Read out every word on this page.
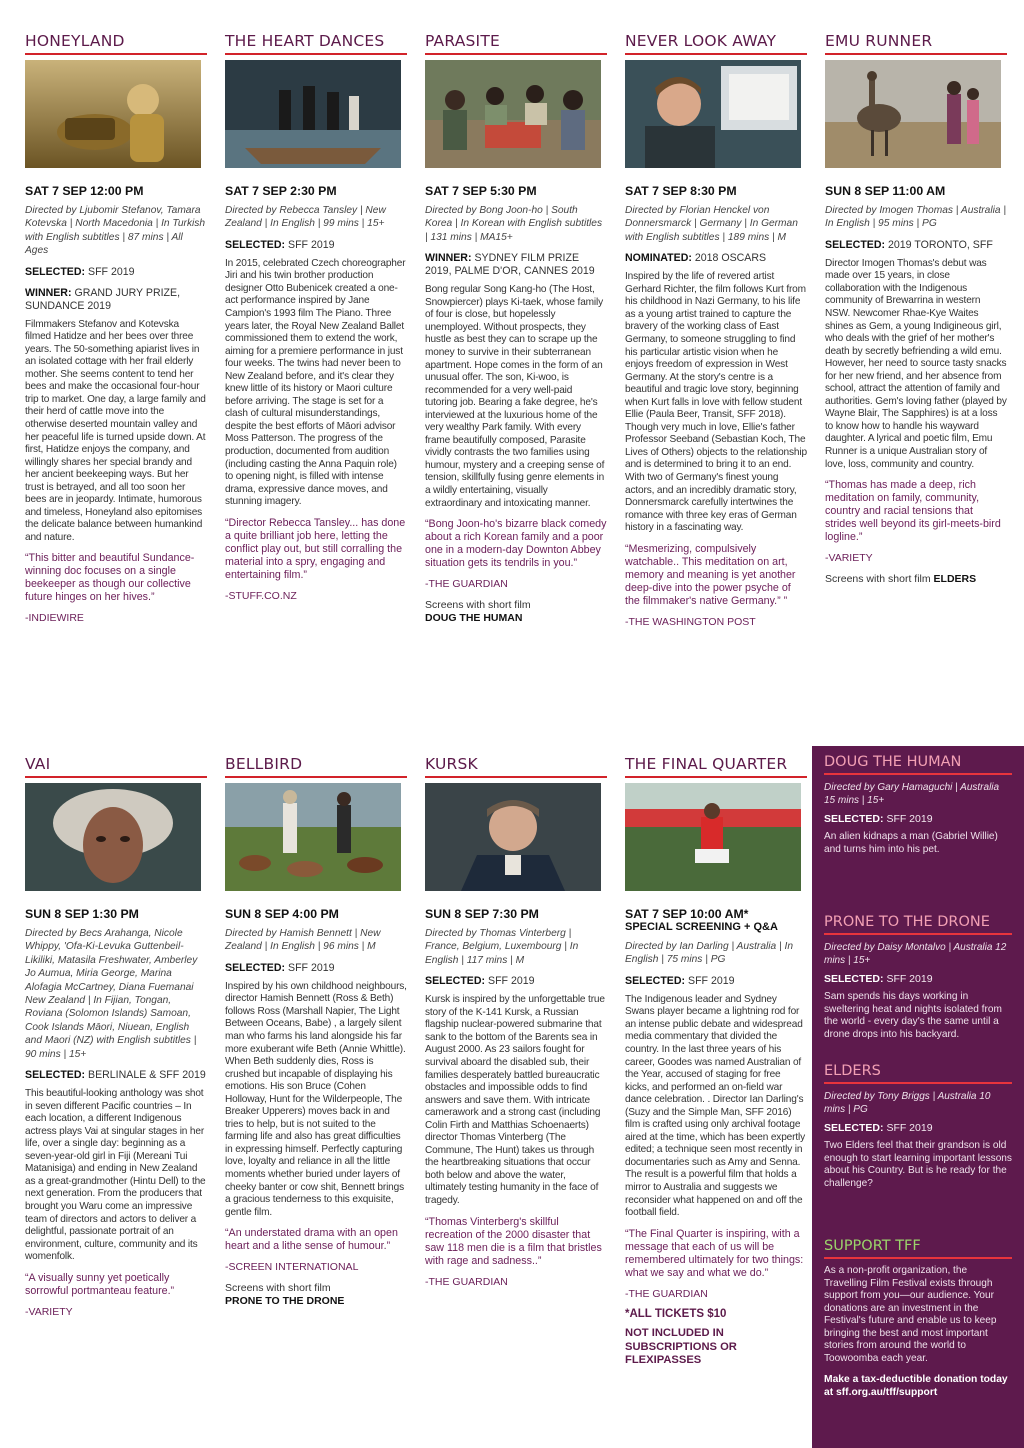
HONEYLAND
SAT 7 SEP 12:00 PM
Directed by Ljubomir Stefanov, Tamara Kotevska | North Macedonia | In Turkish with English subtitles | 87 mins | All Ages
SELECTED: SFF 2019
WINNER: GRAND JURY PRIZE, SUNDANCE 2019
Filmmakers Stefanov and Kotevska filmed Hatidze and her bees over three years. The 50-something apiarist lives in an isolated cottage with her frail elderly mother. She seems content to tend her bees and make the occasional four-hour trip to market. One day, a large family and their herd of cattle move into the otherwise deserted mountain valley and her peaceful life is turned upside down. At first, Hatidze enjoys the company, and willingly shares her special brandy and her ancient beekeeping ways. But her trust is betrayed, and all too soon her bees are in jeopardy. Intimate, humorous and timeless, Honeyland also epitomises the delicate balance between humankind and nature.
“This bitter and beautiful Sundance-winning doc focuses on a single beekeeper as though our collective future hinges on her hives.”
-INDIEWIRE
THE HEART DANCES
SAT 7 SEP 2:30 PM
Directed by Rebecca Tansley | New Zealand | In English | 99 mins | 15+
SELECTED: SFF 2019
In 2015, celebrated Czech choreographer Jiri and his twin brother production designer Otto Bubenicek created a one-act performance inspired by Jane Campion's 1993 film The Piano. Three years later, the Royal New Zealand Ballet commissioned them to extend the work, aiming for a premiere performance in just four weeks. The twins had never been to New Zealand before, and it's clear they knew little of its history or Maori culture before arriving. The stage is set for a clash of cultural misunderstandings, despite the best efforts of Māori advisor Moss Patterson. The progress of the production, documented from audition (including casting the Anna Paquin role) to opening night, is filled with intense drama, expressive dance moves, and stunning imagery.
“Director Rebecca Tansley... has done a quite brilliant job here, letting the conflict play out, but still corralling the material into a spry, engaging and entertaining film.”
-STUFF.CO.NZ
PARASITE
SAT 7 SEP 5:30 PM
Directed by Bong Joon-ho | South Korea | In Korean with English subtitles | 131 mins | MA15+
WINNER: SYDNEY FILM PRIZE 2019, PALME D'OR, CANNES 2019
Bong regular Song Kang-ho (The Host, Snowpiercer) plays Ki-taek, whose family of four is close, but hopelessly unemployed. Without prospects, they hustle as best they can to scrape up the money to survive in their subterranean apartment. Hope comes in the form of an unusual offer. The son, Ki-woo, is recommended for a very well-paid tutoring job. Bearing a fake degree, he's interviewed at the luxurious home of the very wealthy Park family. With every frame beautifully composed, Parasite vividly contrasts the two families using humour, mystery and a creeping sense of tension, skillfully fusing genre elements in a wildly entertaining, visually extraordinary and intoxicating manner.
“Bong Joon-ho's bizarre black comedy about a rich Korean family and a poor one in a modern-day Downton Abbey situation gets its tendrils in you.”
-THE GUARDIAN
Screens with short film
DOUG THE HUMAN
NEVER LOOK AWAY
SAT 7 SEP 8:30 PM
Directed by Florian Henckel von Donnersmarck | Germany | In German with English subtitles | 189 mins | M
NOMINATED: 2018 OSCARS
Inspired by the life of revered artist Gerhard Richter, the film follows Kurt from his childhood in Nazi Germany, to his life as a young artist trained to capture the bravery of the working class of East Germany, to someone struggling to find his particular artistic vision when he enjoys freedom of expression in West Germany. At the story's centre is a beautiful and tragic love story, beginning when Kurt falls in love with fellow student Ellie (Paula Beer, Transit, SFF 2018). Though very much in love, Ellie's father Professor Seeband (Sebastian Koch, The Lives of Others) objects to the relationship and is determined to bring it to an end. With two of Germany's finest young actors, and an incredibly dramatic story, Donnersmarck carefully intertwines the romance with three key eras of German history in a fascinating way.
“Mesmerizing, compulsively watchable.. This meditation on art, memory and meaning is yet another deep-dive into the power psyche of the filmmaker's native Germany.” ”
-THE WASHINGTON POST
EMU RUNNER
SUN 8 SEP 11:00 AM
Directed by Imogen Thomas | Australia | In English | 95 mins | PG
SELECTED: 2019 TORONTO, SFF
Director Imogen Thomas's debut was made over 15 years, in close collaboration with the Indigenous community of Brewarrina in western NSW. Newcomer Rhae-Kye Waites shines as Gem, a young Indigineous girl, who deals with the grief of her mother's death by secretly befriending a wild emu. However, her need to source tasty snacks for her new friend, and her absence from school, attract the attention of family and authorities. Gem's loving father (played by Wayne Blair, The Sapphires) is at a loss to know how to handle his wayward daughter. A lyrical and poetic film, Emu Runner is a unique Australian story of love, loss, community and country.
“Thomas has made a deep, rich meditation on family, community, country and racial tensions that strides well beyond its girl-meets-bird logline.”
-VARIETY
Screens with short film ELDERS
VAI
SUN 8 SEP 1:30 PM
Directed by Becs Arahanga, Nicole Whippy, 'Ofa-Ki-Levuka Guttenbeil-Likiliki, Matasila Freshwater, Amberley Jo Aumua, Miria George, Marina Alofagia McCartney, Diana Fuemanai New Zealand | In Fijian, Tongan, Roviana (Solomon Islands) Samoan, Cook Islands Māori, Niuean, English and Maori (NZ) with English subtitles | 90 mins | 15+
SELECTED: BERLINALE & SFF 2019
This beautiful-looking anthology was shot in seven different Pacific countries – In each location, a different Indigenous actress plays Vai at singular stages in her life, over a single day: beginning as a seven-year-old girl in Fiji (Mereani Tui Matanisiga) and ending in New Zealand as a great-grandmother (Hintu Dell) to the next generation. From the producers that brought you Waru come an impressive team of directors and actors to deliver a delightful, passionate portrait of an environment, culture, community and its womenfolk.
“A visually sunny yet poetically sorrowful portmanteau feature.”
-VARIETY
BELLBIRD
SUN 8 SEP 4:00 PM
Directed by Hamish Bennett | New Zealand | In English | 96 mins | M
SELECTED: SFF 2019
Inspired by his own childhood neighbours, director Hamish Bennett (Ross & Beth) follows Ross (Marshall Napier, The Light Between Oceans, Babe) , a largely silent man who farms his land alongside his far more exuberant wife Beth (Annie Whittle). When Beth suddenly dies, Ross is crushed but incapable of displaying his emotions. His son Bruce (Cohen Holloway, Hunt for the Wilderpeople, The Breaker Upperers) moves back in and tries to help, but is not suited to the farming life and also has great difficulties in expressing himself. Perfectly capturing love, loyalty and reliance in all the little moments whether buried under layers of cheeky banter or cow shit, Bennett brings a gracious tenderness to this exquisite, gentle film.
“An understated drama with an open heart and a lithe sense of humour.”
-SCREEN INTERNATIONAL
Screens with short film
PRONE TO THE DRONE
KURSK
SUN 8 SEP 7:30 PM
Directed by Thomas Vinterberg | France, Belgium, Luxembourg | In English | 117 mins | M
SELECTED: SFF 2019
Kursk is inspired by the unforgettable true story of the K-141 Kursk, a Russian flagship nuclear-powered submarine that sank to the bottom of the Barents sea in August 2000. As 23 sailors fought for survival aboard the disabled sub, their families desperately battled bureaucratic obstacles and impossible odds to find answers and save them. With intricate camerawork and a strong cast (including Colin Firth and Matthias Schoenaerts) director Thomas Vinterberg (The Commune, The Hunt) takes us through the heartbreaking situations that occur both below and above the water, ultimately testing humanity in the face of tragedy.
“Thomas Vinterberg's skillful recreation of the 2000 disaster that saw 118 men die is a film that bristles with rage and sadness..”
-THE GUARDIAN
THE FINAL QUARTER
SAT 7 SEP 10:00 AM*
SPECIAL SCREENING + Q&A
Directed by Ian Darling | Australia | In English | 75 mins | PG
SELECTED: SFF 2019
The Indigenous leader and Sydney Swans player became a lightning rod for an intense public debate and widespread media commentary that divided the country. In the last three years of his career, Goodes was named Australian of the Year, accused of staging for free kicks, and performed an on-field war dance celebration. . Director Ian Darling's (Suzy and the Simple Man, SFF 2016) film is crafted using only archival footage aired at the time, which has been expertly edited; a technique seen most recently in documentaries such as Amy and Senna. The result is a powerful film that holds a mirror to Australia and suggests we reconsider what happened on and off the football field.
“The Final Quarter is inspiring, with a message that each of us will be remembered ultimately for two things: what we say and what we do.”
-THE GUARDIAN
*ALL TICKETS $10
NOT INCLUDED IN SUBSCRIPTIONS OR FLEXIPASSES
DOUG THE HUMAN
Directed by Gary Hamaguchi | Australia 15 mins | 15+
SELECTED: SFF 2019
An alien kidnaps a man (Gabriel Willie) and turns him into his pet.
PRONE TO THE DRONE
Directed by Daisy Montalvo | Australia 12 mins | 15+
SELECTED: SFF 2019
Sam spends his days working in sweltering heat and nights isolated from the world - every day's the same until a drone drops into his backyard.
ELDERS
Directed by Tony Briggs | Australia 10 mins | PG
SELECTED: SFF 2019
Two Elders feel that their grandson is old enough to start learning important lessons about his Country. But is he ready for the challenge?
SUPPORT TFF
As a non-profit organization, the Travelling Film Festival exists through support from you—our audience. Your donations are an investment in the Festival's future and enable us to keep bringing the best and most important stories from around the world to Toowoomba each year.
Make a tax-deductible donation today at sff.org.au/tff/support
